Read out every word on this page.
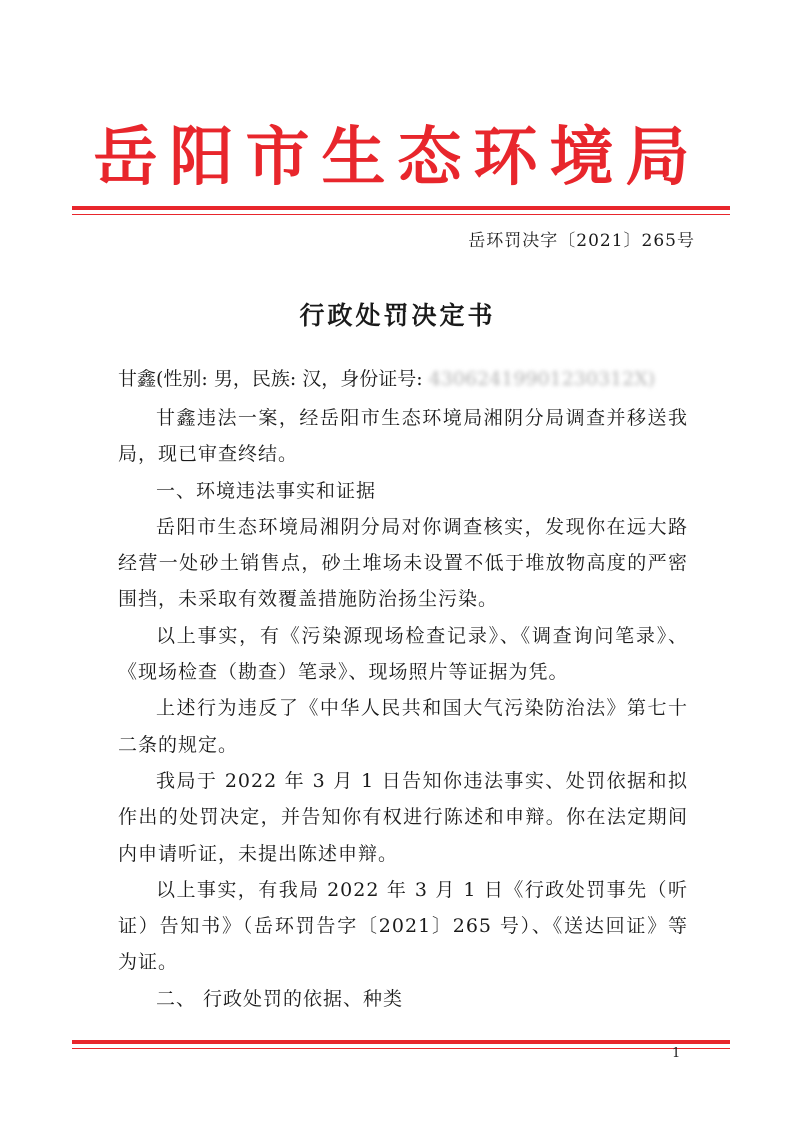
岳阳市生态环境局
岳环罚决字〔2021〕265号
行政处罚决定书
甘鑫(性别: 男，民族: 汉，身份证号: 43062419901230312X)

甘鑫违法一案，经岳阳市生态环境局湘阴分局调查并移送我局，现已审查终结。

一、环境违法事实和证据

岳阳市生态环境局湘阴分局对你调查核实，发现你在远大路经营一处砂土销售点，砂土堆场未设置不低于堆放物高度的严密围挡，未采取有效覆盖措施防治扬尘污染。

以上事实，有《污染源现场检查记录》、《调查询问笔录》、《现场检查（勘查）笔录》、现场照片等证据为凭。

上述行为违反了《中华人民共和国大气污染防治法》第七十二条的规定。

我局于 2022 年 3 月 1 日告知你违法事实、处罚依据和拟作出的处罚决定，并告知你有权进行陈述和申辩。你在法定期间内申请听证，未提出陈述申辩。

以上事实，有我局 2022 年 3 月 1 日《行政处罚事先（听证）告知书》（岳环罚告字〔2021〕265 号）、《送达回证》等为证。

二、 行政处罚的依据、种类

1
